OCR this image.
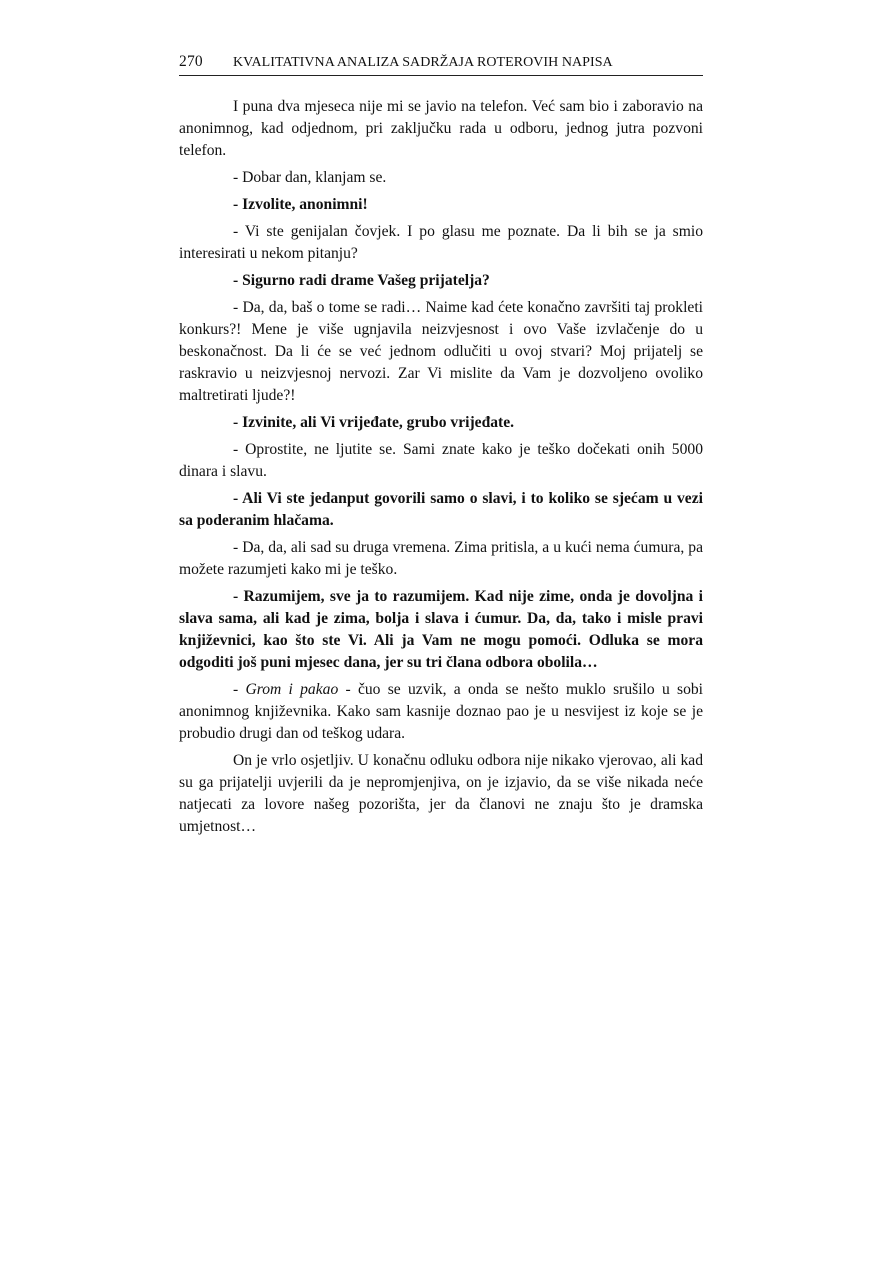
270	KVALITATIVNA ANALIZA SADRŽAJA ROTEROVIH NAPISA

I puna dva mjeseca nije mi se javio na telefon. Već sam bio i zaboravio na anonimnog, kad odjednom, pri zaključku rada u odboru, jednog jutra pozvoni telefon.

- Dobar dan, klanjam se.

- Izvolite, anonimni!

- Vi ste genijalan čovjek. I po glasu me poznate. Da li bih se ja smio interesirati u nekom pitanju?

- Sigurno radi drame Vašeg prijatelja?

- Da, da, baš o tome se radi… Naime kad ćete konačno završiti taj prokleti konkurs?! Mene je više ugnjavila neizvjesnost i ovo Vaše izvlačenje do u beskonačnost. Da li će se već jednom odlučiti u ovoj stvari? Moj prijatelj se raskravio u neizvjesnoj nervozi. Zar Vi mislite da Vam je dozvoljeno ovoliko maltretirati ljude?!

- Izvinite, ali Vi vrijeđate, grubo vrijeđate.

- Oprostite, ne ljutite se. Sami znate kako je teško dočekati onih 5000 dinara i slavu.

- Ali Vi ste jedanput govorili samo o slavi, i to koliko se sjećam u vezi sa poderanim hlačama.

- Da, da, ali sad su druga vremena. Zima pritisla, a u kući nema ćumura, pa možete razumjeti kako mi je teško.

- Razumijem, sve ja to razumijem. Kad nije zime, onda je dovoljna i slava sama, ali kad je zima, bolja i slava i ćumur. Da, da, tako i misle pravi književnici, kao što ste Vi. Ali ja Vam ne mogu pomoći. Odluka se mora odgoditi još puni mjesec dana, jer su tri člana odbora obolila…

- Grom i pakao - čuo se uzvik, a onda se nešto muklo srušilo u sobi anonimnog književnika. Kako sam kasnije doznao pao je u nesvijest iz koje se je probudio drugi dan od teškog udara.

On je vrlo osjetljiv. U konačnu odluku odbora nije nikako vjerovao, ali kad su ga prijatelji uvjerili da je nepromjenjiva, on je izjavio, da se više nikada neće natjecati za lovore našeg pozorišta, jer da članovi ne znaju što je dramska umjetnost…
